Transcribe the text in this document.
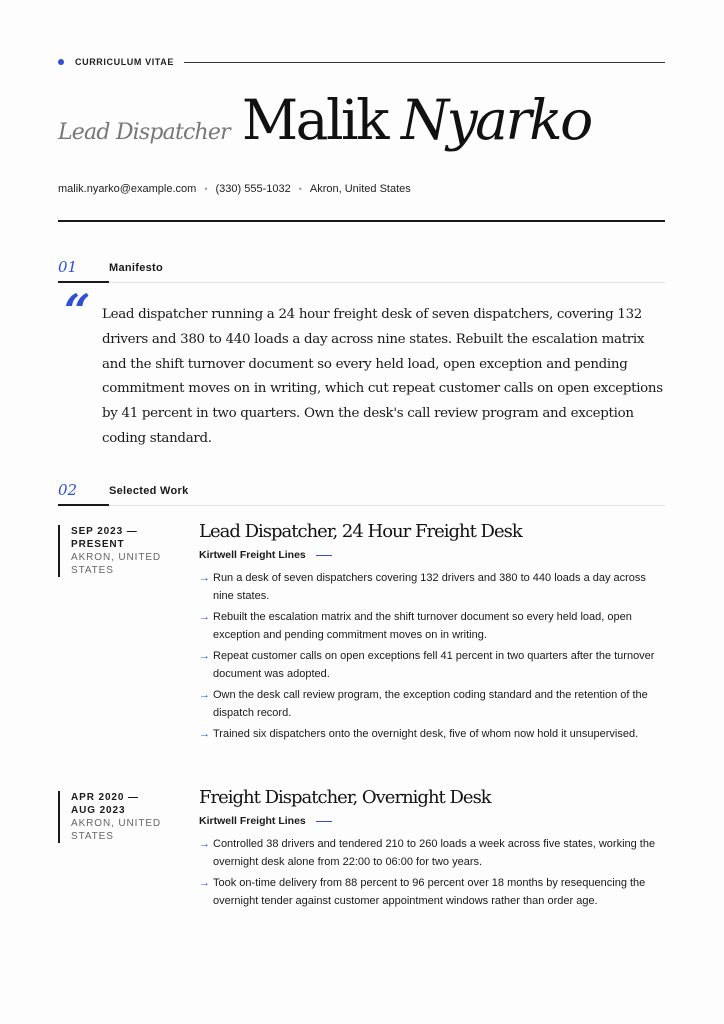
CURRICULUM VITAE
Lead Dispatcher Malik Nyarko
malik.nyarko@example.com • (330) 555-1032 • Akron, United States
01	Manifesto
“ Lead dispatcher running a 24 hour freight desk of seven dispatchers, covering 132 drivers and 380 to 440 loads a day across nine states. Rebuilt the escalation matrix and the shift turnover document so every held load, open exception and pending commitment moves on in writing, which cut repeat customer calls on open exceptions by 41 percent in two quarters. Own the desk's call review program and exception coding standard.

02	Selected Work
SEP 2023 —
PRESENT
AKRON, UNITED
STATES
Lead Dispatcher, 24 Hour Freight Desk
Kirtwell Freight Lines
→ Run a desk of seven dispatchers covering 132 drivers and 380 to 440 loads a day across nine states.
→ Rebuilt the escalation matrix and the shift turnover document so every held load, open exception and pending commitment moves on in writing.
→ Repeat customer calls on open exceptions fell 41 percent in two quarters after the turnover document was adopted.
→ Own the desk call review program, the exception coding standard and the retention of the dispatch record.
→ Trained six dispatchers onto the overnight desk, five of whom now hold it unsupervised.
APR 2020 —
AUG 2023
AKRON, UNITED
STATES
Freight Dispatcher, Overnight Desk
Kirtwell Freight Lines
→ Controlled 38 drivers and tendered 210 to 260 loads a week across five states, working the overnight desk alone from 22:00 to 06:00 for two years.
→ Took on-time delivery from 88 percent to 96 percent over 18 months by resequencing the overnight tender against customer appointment windows rather than order age.
